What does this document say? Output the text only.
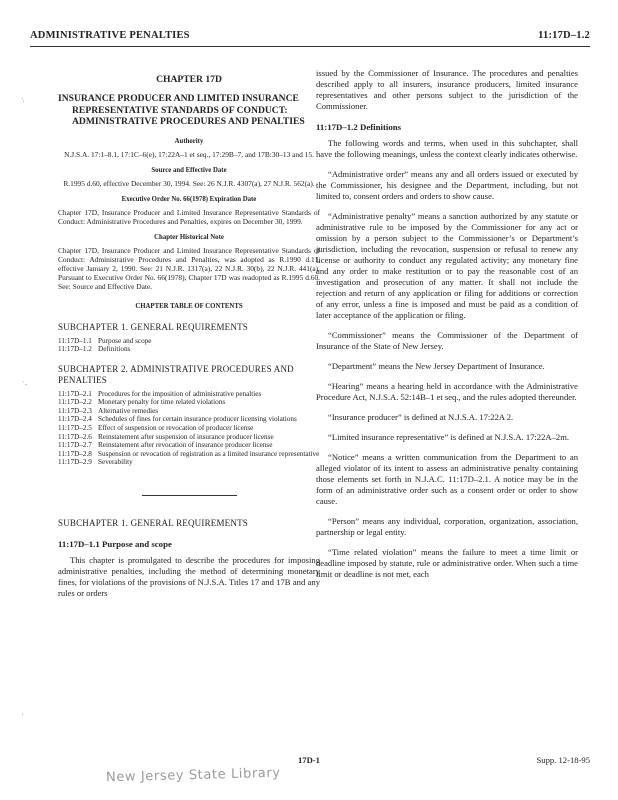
ADMINISTRATIVE PENALTIES	11:17D–1.2
\
`-
'
CHAPTER 17D
INSURANCE PRODUCER AND LIMITED INSURANCE REPRESENTATIVE STANDARDS OF CONDUCT: ADMINISTRATIVE PROCEDURES AND PENALTIES
Authority
N.J.S.A. 17:1–8.1, 17:1C–6(e), 17:22A–1 et seq., 17:29B–7, and 17B:30–13 and 15.
Source and Effective Date
R.1995 d.60, effective December 30, 1994. See: 26 N.J.R. 4307(a), 27 N.J.R. 562(a).
Executive Order No. 66(1978) Expiration Date
Chapter 17D, Insurance Producer and Limited Insurance Representative Standards of Conduct: Administrative Procedures and Penalties, expires on December 30, 1999.
Chapter Historical Note
Chapter 17D, Insurance Producer and Limited Insurance Representative Standards of Conduct: Administrative Procedures and Penalties, was adopted as R.1990 d.11, effective January 2, 1990. See: 21 N.J.R. 1317(a), 22 N.J.R. 30(b), 22 N.J.R. 441(a). Pursuant to Executive Order No. 66(1978), Chapter 17D was readopted as R.1995 d.60. See: Source and Effective Date.
CHAPTER TABLE OF CONTENTS
SUBCHAPTER 1. GENERAL REQUIREMENTS
11:17D–1.1 Purpose and scope
11:17D–1.2 Definitions
SUBCHAPTER 2. ADMINISTRATIVE PROCEDURES AND PENALTIES
11:17D–2.1 Procedures for the imposition of administrative penalties
11:17D–2.2 Monetary penalty for time related violations
11:17D–2.3 Alternative remedies
11:17D–2.4 Schedules of fines for certain insurance producer licensing violations
11:17D–2.5 Effect of suspension or revocation of producer license
11:17D–2.6 Reinstatement after suspension of insurance producer license
11:17D–2.7 Reinstatement after revocation of insurance producer license
11:17D–2.8 Suspension or revocation of registration as a limited insurance representative
11:17D–2.9 Severability
SUBCHAPTER 1. GENERAL REQUIREMENTS
11:17D–1.1 Purpose and scope

This chapter is promulgated to describe the procedures for imposing administrative penalties, including the method of determining monetary fines, for violations of the provisions of N.J.S.A. Titles 17 and 17B and any rules or orders

issued by the Commissioner of Insurance. The procedures and penalties described apply to all insurers, insurance producers, limited insurance representatives and other persons subject to the jurisdiction of the Commissioner.

11:17D–1.2 Definitions

The following words and terms, when used in this subchapter, shall have the following meanings, unless the context clearly indicates otherwise.

“Administrative order” means any and all orders issued or executed by the Commissioner, his designee and the Department, including, but not limited to, consent orders and orders to show cause.

“Administrative penalty” means a sanction authorized by any statute or administrative rule to be imposed by the Commissioner for any act or omission by a person subject to the Commissioner’s or Department’s jurisdiction, including the revocation, suspension or refusal to renew any license or authority to conduct any regulated activity; any monetary fine and any order to make restitution or to pay the reasonable cost of an investigation and prosecution of any matter. It shall not include the rejection and return of any application or filing for additions or correction of any error, unless a fine is imposed and must be paid as a condition of later acceptance of the application or filing.

“Commissioner” means the Commissioner of the Department of Insurance of the State of New Jersey.

“Department” means the New Jersey Department of Insurance.

“Hearing” means a hearing held in accordance with the Administrative Procedure Act, N.J.S.A. 52:14B–1 et seq., and the rules adopted thereunder.

“Insurance producer” is defined at N.J.S.A. 17:22A 2.

“Limited insurance representative” is defined at N.J.S.A. 17:22A–2m.

“Notice” means a written communication from the Department to an alleged violator of its intent to assess an administrative penalty containing those elements set forth in N.J.A.C. 11:17D–2.1. A notice may be in the form of an administrative order such as a consent order or order to show cause.

“Person” means any individual, corporation, organization, association, partnership or legal entity.

“Time related violation” means the failure to meet a time limit or deadline imposed by statute, rule or administrative order. When such a time limit or deadline is not met, each

17D-1	Supp. 12-18-95
New Jersey State Library
